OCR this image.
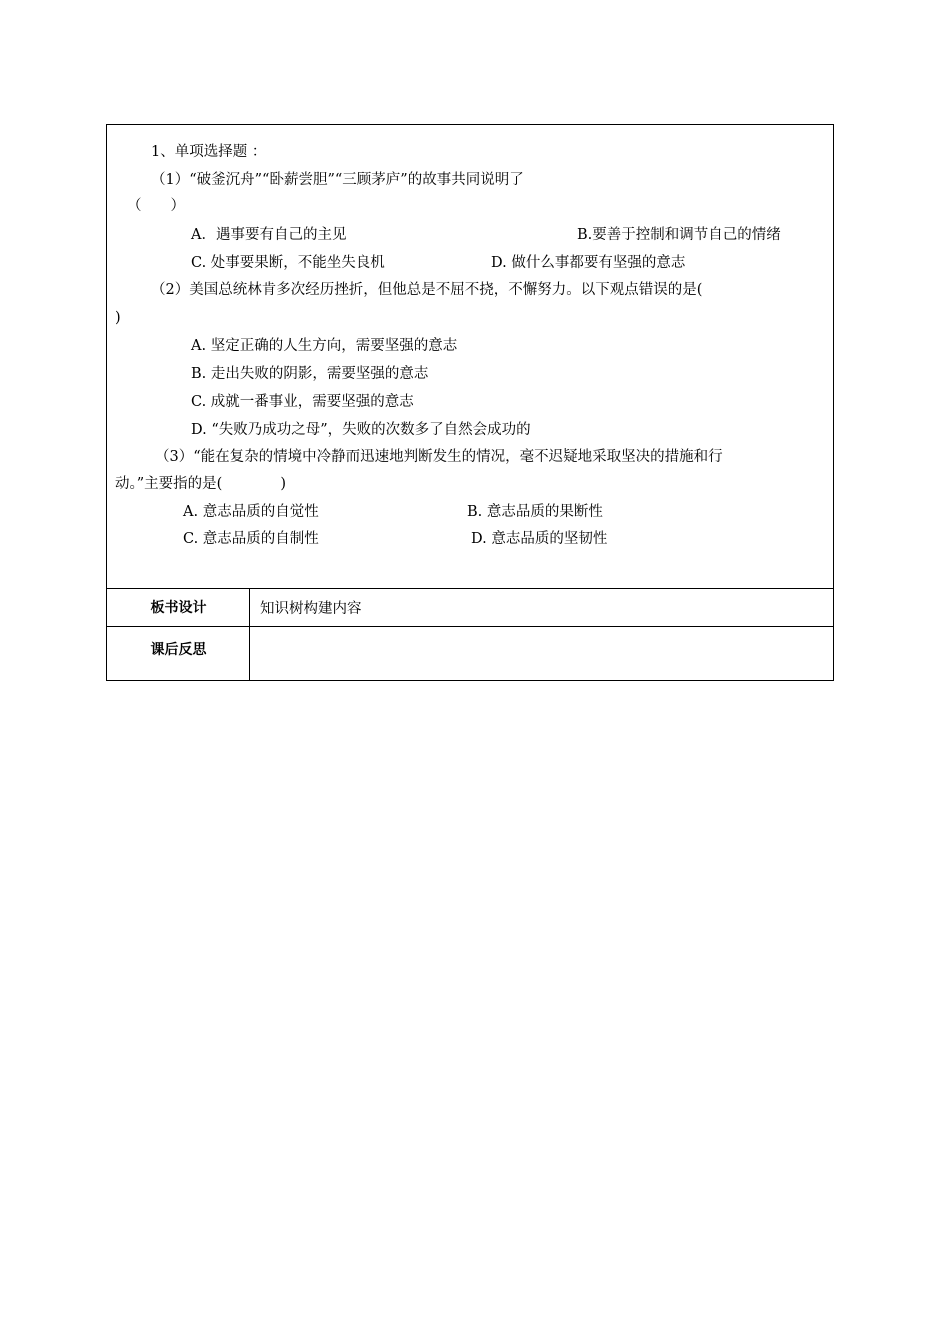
1、单项选择题 ：
（1）“破釜沉舟”“卧薪尝胆”“三顾茅庐”的故事共同说明了
（　　）
A．遇事要有自己的主见	B.要善于控制和调节自己的情绪
C. 处事要果断，不能坐失良机	D. 做什么事都要有坚强的意志
（2）美国总统林肯多次经历挫折，但他总是不屈不挠，不懈努力。以下观点错误的是(
)
A. 坚定正确的人生方向，需要坚强的意志
B. 走出失败的阴影，需要坚强的意志
C. 成就一番事业，需要坚强的意志
D. “失败乃成功之母”，失败的次数多了自然会成功的
（3）“能在复杂的情境中冷静而迅速地判断发生的情况，毫不迟疑地采取坚决的措施和行
动。”主要指的是(　　　　)
A. 意志品质的自觉性	B. 意志品质的果断性
C. 意志品质的自制性	D. 意志品质的坚韧性
板书设计	知识树构建内容
课后反思
